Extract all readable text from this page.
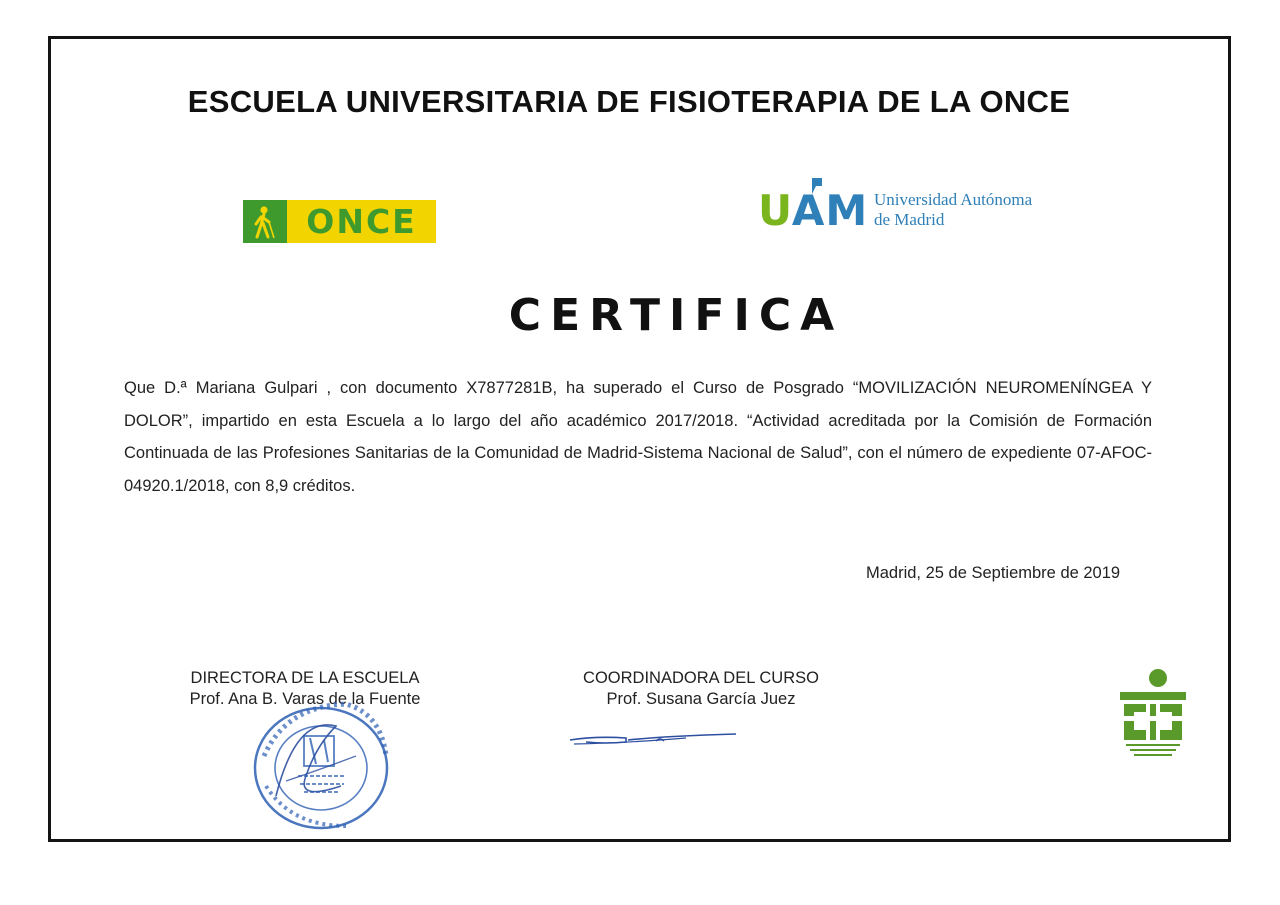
ESCUELA UNIVERSITARIA DE FISIOTERAPIA DE LA ONCE
ONCE	UAM Universidad Autónoma
de Madrid
CERTIFICA
Que D.ª Mariana Gulpari , con documento X7877281B, ha superado el Curso de Posgrado “MOVILIZACIÓN NEUROMENÍNGEA Y DOLOR”, impartido en esta Escuela a lo largo del año académico 2017/2018. “Actividad acreditada por la Comisión de Formación Continuada de las Profesiones Sanitarias de la Comunidad de Madrid-Sistema Nacional de Salud”, con el número de expediente 07-AFOC-04920.1/2018, con 8,9 créditos.
Madrid, 25 de Septiembre de 2019
DIRECTORA DE LA ESCUELA
Prof. Ana B. Varas de la Fuente
COORDINADORA DEL CURSO
Prof. Susana García Juez
